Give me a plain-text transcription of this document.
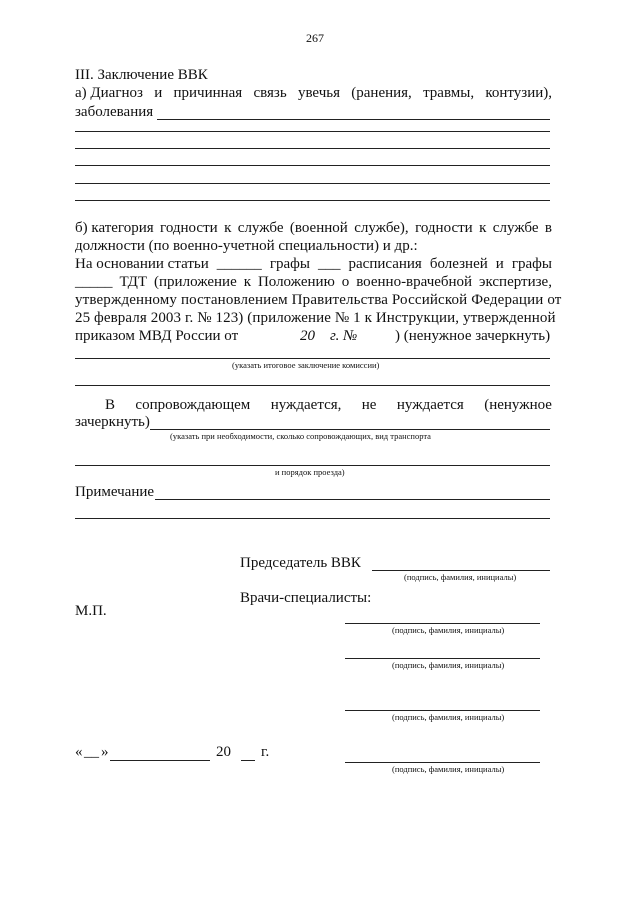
267
III. Заключение ВВК
а) Диагноз и причинная связь увечья (ранения, травмы, контузии),
заболевания
б) категория годности к службе (военной службе), годности к службе в
должности (по военно-учетной специальности) и др.:
На основании статьи ______ графы ___ расписания болезней и графы
_____ ТДТ (приложение к Положению о военно-врачебной экспертизе,
утвержденному постановлением Правительства Российской Федерации от
25 февраля 2003 г. № 123) (приложение № 1 к Инструкции, утвержденной
приказом МВД России от	20    г. №	) (ненужное зачеркнуть)
(указать итоговое заключение комиссии)
В сопровождающем нуждается, не нуждается (ненужное
зачеркнуть)
(указать при необходимости, сколько сопровождающих, вид транспорта
и порядок проезда)
Примечание
Председатель ВВК
(подпись, фамилия, инициалы)
Врачи-специалисты:
М.П.
(подпись, фамилия, инициалы)
(подпись, фамилия, инициалы)
(подпись, фамилия, инициалы)
« __ »	20 г.
(подпись, фамилия, инициалы)
